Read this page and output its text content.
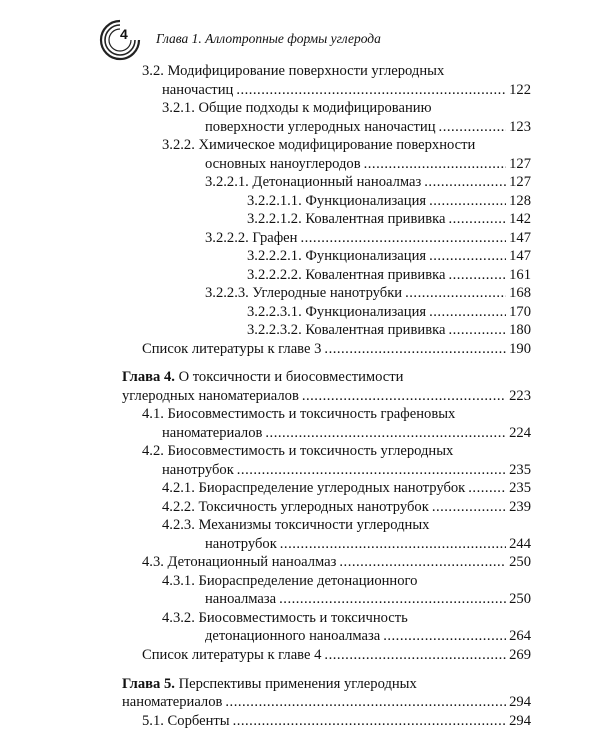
4 Глава 1. Аллотропные формы углерода
3.2. Модифицирование поверхности углеродных
наночастиц .....	122
3.2.1. Общие подходы к модифицированию
поверхности углеродных наночастиц .....	123
3.2.2. Химическое модифицирование поверхности
основных наноуглеродов .....	127
3.2.2.1. Детонационный наноалмаз .....	127
3.2.2.1.1. Функционализация .....	128
3.2.2.1.2. Ковалентная прививка .....	142
3.2.2.2. Графен .....	147
3.2.2.2.1. Функционализация .....	147
3.2.2.2.2. Ковалентная прививка .....	161
3.2.2.3. Углеродные нанотрубки .....	168
3.2.2.3.1. Функционализация .....	170
3.2.2.3.2. Ковалентная прививка .....	180
Список литературы к главе 3 .....	190
Глава 4.
О токсичности и биосовместимости
углеродных наноматериалов .....	223
4.1. Биосовместимость и токсичность графеновых
наноматериалов .....	224
4.2. Биосовместимость и токсичность углеродных
нанотрубок .....	235
4.2.1. Биораспределение углеродных нанотрубок .....	235
4.2.2. Токсичность углеродных нанотрубок .....	239
4.2.3. Механизмы токсичности углеродных
нанотрубок .....	244
4.3. Детонационный наноалмаз .....	250
4.3.1. Биораспределение детонационного
наноалмаза .....	250
4.3.2. Биосовместимость и токсичность
детонационного наноалмаза .....	264
Список литературы к главе 4 .....	269
Глава 5.
Перспективы применения углеродных
наноматериалов .....	294
5.1. Сорбенты .....	294
